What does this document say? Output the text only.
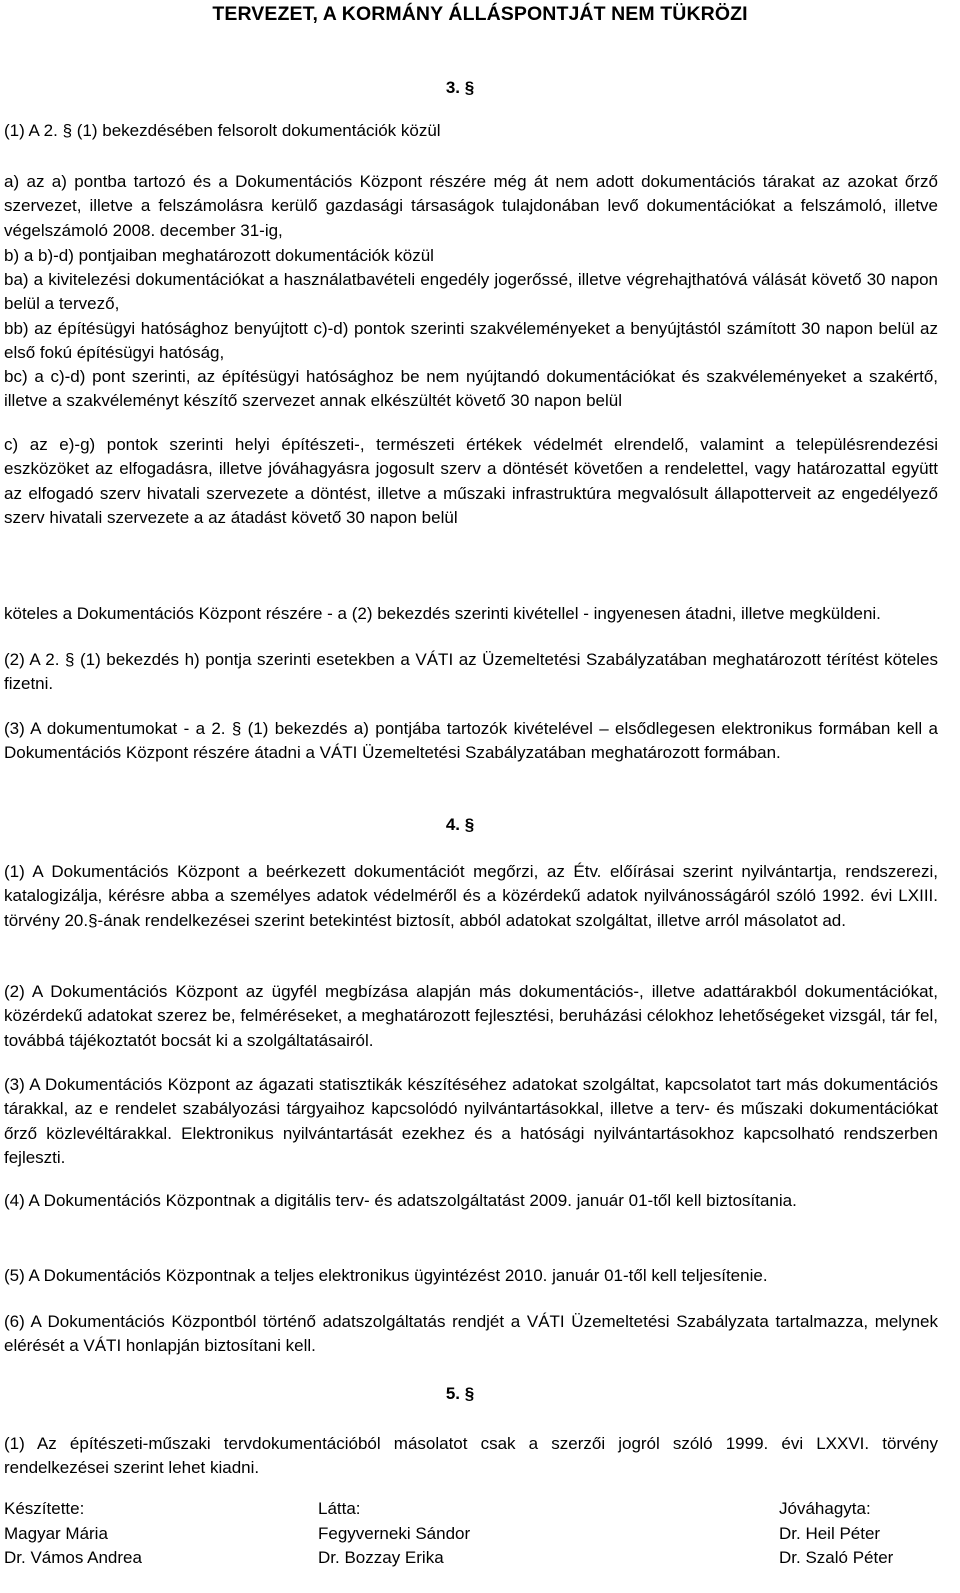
TERVEZET, A KORMÁNY ÁLLÁSPONTJÁT NEM TÜKRÖZI
3. §
(1) A 2. § (1) bekezdésében felsorolt dokumentációk közül
a) az a) pontba tartozó és a Dokumentációs Központ részére még át nem adott dokumentációs tárakat az azokat őrző szervezet, illetve a felszámolásra kerülő gazdasági társaságok tulajdonában levő dokumentációkat a felszámoló, illetve végelszámoló 2008. december 31-ig,
b) a b)-d) pontjaiban meghatározott dokumentációk közül
ba) a kivitelezési dokumentációkat a használatbavételi engedély jogerőssé, illetve végrehajthatóvá válását követő 30 napon belül a tervező,
bb) az építésügyi hatósághoz benyújtott c)-d) pontok szerinti szakvéleményeket a benyújtástól számított 30 napon belül az első fokú építésügyi hatóság,
bc) a c)-d) pont szerinti, az építésügyi hatósághoz be nem nyújtandó dokumentációkat és szakvéleményeket a szakértő, illetve a szakvéleményt készítő szervezet annak elkészültét követő 30 napon belül
c) az e)-g) pontok szerinti helyi építészeti-, természeti értékek védelmét elrendelő, valamint a településrendezési eszközöket az elfogadásra, illetve jóváhagyásra jogosult szerv a döntését követően a rendelettel, vagy határozattal együtt az elfogadó szerv hivatali szervezete a döntést, illetve a műszaki infrastruktúra megvalósult állapotterveit az engedélyező szerv hivatali szervezete a az átadást követő 30 napon belül
köteles a Dokumentációs Központ részére - a (2) bekezdés szerinti kivétellel - ingyenesen átadni, illetve megküldeni.
(2) A 2. § (1) bekezdés h) pontja szerinti esetekben a VÁTI az Üzemeltetési Szabályzatában meghatározott térítést köteles fizetni.
(3) A dokumentumokat - a 2. § (1) bekezdés a) pontjába tartozók kivételével – elsődlegesen elektronikus formában kell a Dokumentációs Központ részére átadni a VÁTI Üzemeltetési Szabályzatában meghatározott formában.
4. §
(1) A Dokumentációs Központ a beérkezett dokumentációt megőrzi, az Étv. előírásai szerint nyilvántartja, rendszerezi, katalogizálja, kérésre abba a személyes adatok védelméről és a közérdekű adatok nyilvánosságáról szóló 1992. évi LXIII. törvény 20.§-ának rendelkezései szerint betekintést biztosít, abból adatokat szolgáltat, illetve arról másolatot ad.
(2) A Dokumentációs Központ az ügyfél megbízása alapján más dokumentációs-, illetve adattárakból dokumentációkat, közérdekű adatokat szerez be, felméréseket, a meghatározott fejlesztési, beruházási célokhoz lehetőségeket vizsgál, tár fel, továbbá tájékoztatót bocsát ki a szolgáltatásairól.
(3) A Dokumentációs Központ az ágazati statisztikák készítéséhez adatokat szolgáltat, kapcsolatot tart más dokumentációs tárakkal, az e rendelet szabályozási tárgyaihoz kapcsolódó nyilvántartásokkal, illetve a terv- és műszaki dokumentációkat őrző közlevéltárakkal. Elektronikus nyilvántartását ezekhez és a hatósági nyilvántartásokhoz kapcsolható rendszerben fejleszti.
(4) A Dokumentációs Központnak a digitális terv- és adatszolgáltatást 2009. január 01-től kell biztosítania.
(5) A Dokumentációs Központnak a teljes elektronikus ügyintézést 2010. január 01-től kell teljesítenie.
(6) A Dokumentációs Központból történő adatszolgáltatás rendjét a VÁTI Üzemeltetési Szabályzata tartalmazza, melynek elérését a VÁTI honlapján biztosítani kell.
5. §
(1) Az építészeti-műszaki tervdokumentációból másolatot csak a szerzői jogról szóló 1999. évi LXXVI. törvény rendelkezései szerint lehet kiadni.
Készítette:
Magyar Mária
Dr. Vámos Andrea
Látta:
Fegyverneki Sándor
Dr. Bozzay Erika
Jóváhagyta:
Dr. Heil Péter
Dr. Szaló Péter
